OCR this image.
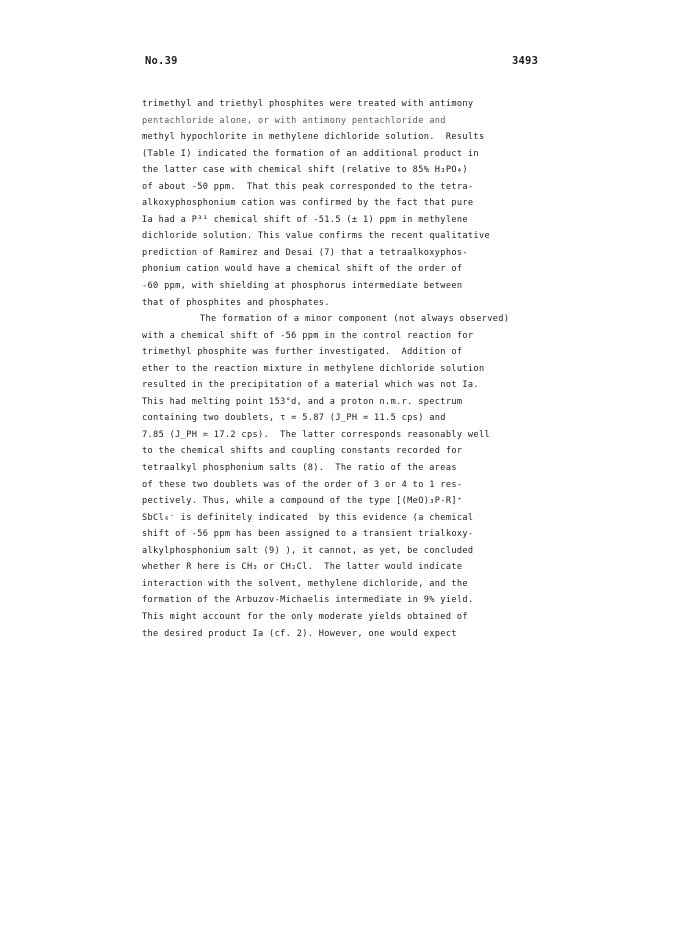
No.39	3493
trimethyl and triethyl phosphites were treated with antimony
pentachloride alone, or with antimony pentachloride and
methyl hypochlorite in methylene dichloride solution.  Results
(Table I) indicated the formation of an additional product in
the latter case with chemical shift (relative to 85% H₃PO₄)
of about -50 ppm.  That this peak corresponded to the tetra-
alkoxyphosphonium cation was confirmed by the fact that pure
Ia had a P³¹ chemical shift of -51.5 (± 1) ppm in methylene
dichloride solution. This value confirms the recent qualitative
prediction of Ramirez and Desai (7) that a tetraalkoxyphos-
phonium cation would have a chemical shift of the order of
-60 ppm, with shielding at phosphorus intermediate between
that of phosphites and phosphates.
The formation of a minor component (not always observed)
with a chemical shift of -56 ppm in the control reaction for
trimethyl phosphite was further investigated.  Addition of
ether to the reaction mixture in methylene dichloride solution
resulted in the precipitation of a material which was not Ia.
This had melting point 153°d, and a proton n.m.r. spectrum
containing two doublets, τ = 5.87 (J_PH = 11.5 cps) and
7.85 (J_PH = 17.2 cps).  The latter corresponds reasonably well
to the chemical shifts and coupling constants recorded for
tetraalkyl phosphonium salts (8).  The ratio of the areas
of these two doublets was of the order of 3 or 4 to 1 res-
pectively. Thus, while a compound of the type [(MeO)₃P-R]⁺
SbCl₆⁻ is definitely indicated  by this evidence (a chemical
shift of -56 ppm has been assigned to a transient trialkoxy-
alkylphosphonium salt (9) ), it cannot, as yet, be concluded
whether R here is CH₃ or CH₂Cl.  The latter would indicate
interaction with the solvent, methylene dichloride, and the
formation of the Arbuzov-Michaelis intermediate in 9% yield.
This might account for the only moderate yields obtained of
the desired product Ia (cf. 2). However, one would expect
